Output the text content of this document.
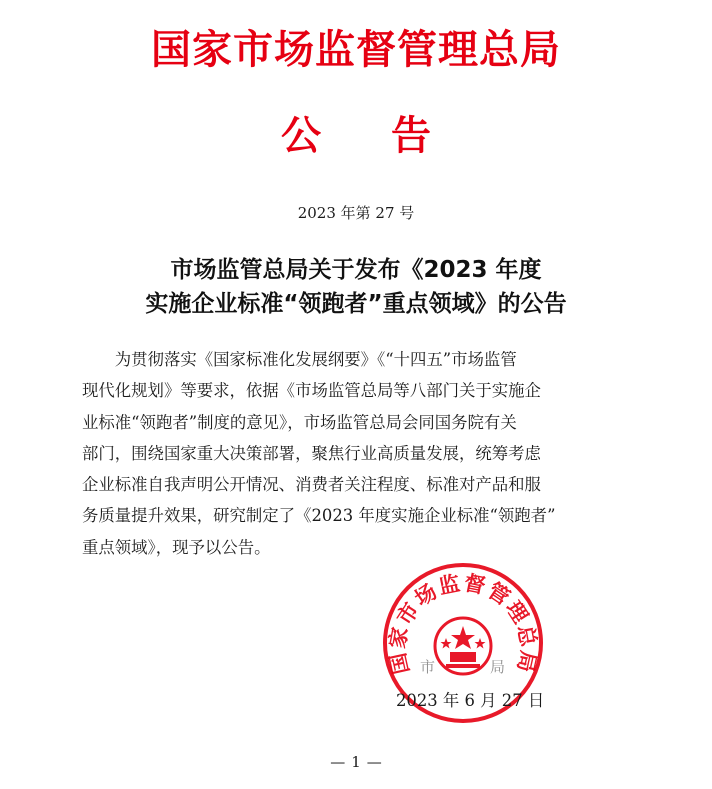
国家市场监督管理总局
公告
2023 年第 27 号
市场监管总局关于发布《2023 年度
实施企业标准“领跑者”重点领域》的公告
　　为贯彻落实《国家标准化发展纲要》《“十四五”市场监管
现代化规划》等要求，依据《市场监管总局等八部门关于实施企
业标准“领跑者”制度的意见》，市场监管总局会同国务院有关
部门，围绕国家重大决策部署，聚焦行业高质量发展，统筹考虑
企业标准自我声明公开情况、消费者关注程度、标准对产品和服
务质量提升效果，研究制定了《2023 年度实施企业标准“领跑者”
重点领域》，现予以公告。
国家市场监督管理总局
市　局
2023 年 6 月 27 日
— 1 —
